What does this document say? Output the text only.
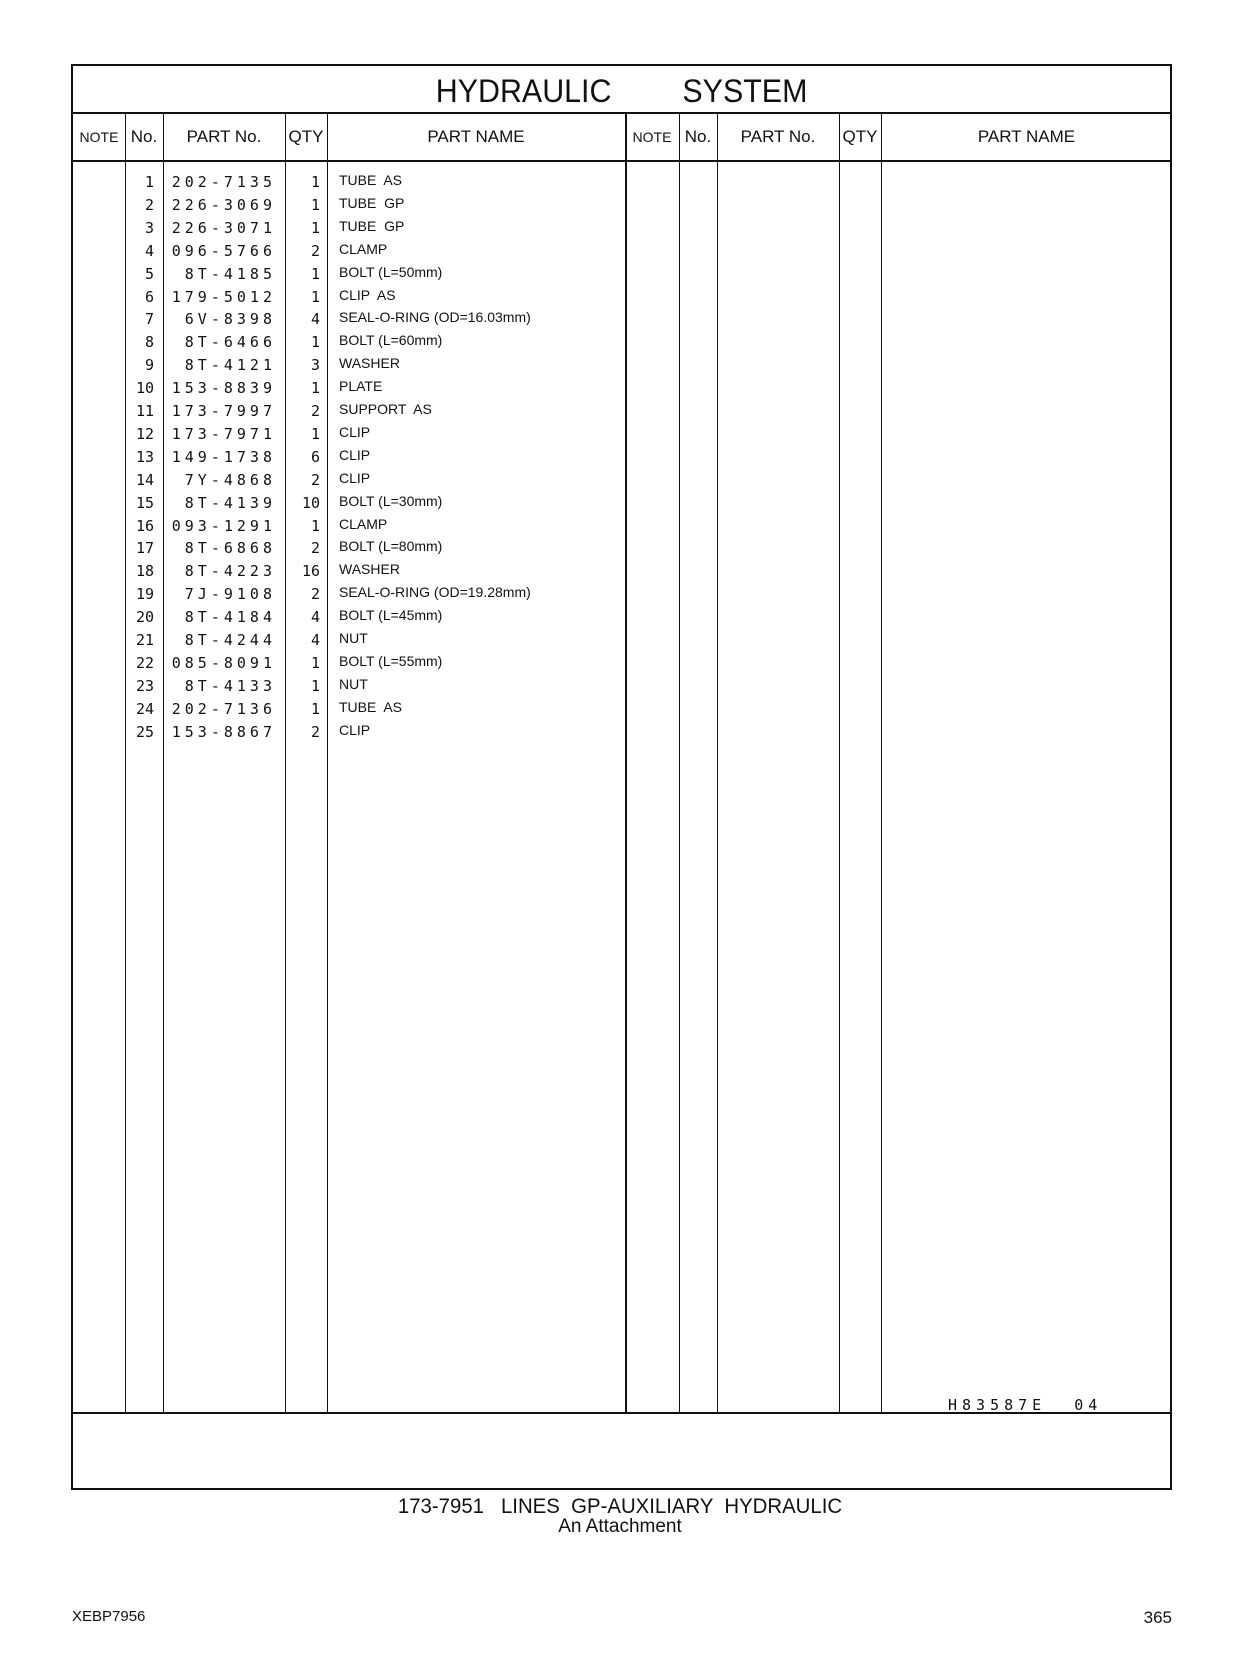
HYDRAULIC   SYSTEM
NOTE No.	PART No.	QTY	PART NAME	NOTE No.	PART No.	QTY	PART NAME
H83587E  04
1 202-7135	1 TUBE  AS
2 226-3069	1 TUBE  GP
3 226-3071	1 TUBE  GP
4 096-5766	2 CLAMP
5	8T-4185	1 BOLT (L=50mm)
6 179-5012	1 CLIP  AS
7	6V-8398	4 SEAL-O-RING (OD=16.03mm)
8	8T-6466	1 BOLT (L=60mm)
9	8T-4121	3 WASHER
10 153-8839	1 PLATE
11 173-7997	2 SUPPORT  AS
12 173-7971	1 CLIP
13 149-1738	6 CLIP
14	7Y-4868	2 CLIP
15	8T-4139	10 BOLT (L=30mm)
16 093-1291	1 CLAMP
17	8T-6868	2 BOLT (L=80mm)
18	8T-4223	16 WASHER
19	7J-9108	2 SEAL-O-RING (OD=19.28mm)
20	8T-4184	4 BOLT (L=45mm)
21	8T-4244	4 NUT
22 085-8091	1 BOLT (L=55mm)
23	8T-4133	1 NUT
24 202-7136	1 TUBE  AS
25 153-8867	2 CLIP
173-7951   LINES  GP-AUXILIARY  HYDRAULIC
An Attachment
XEBP7956	365
